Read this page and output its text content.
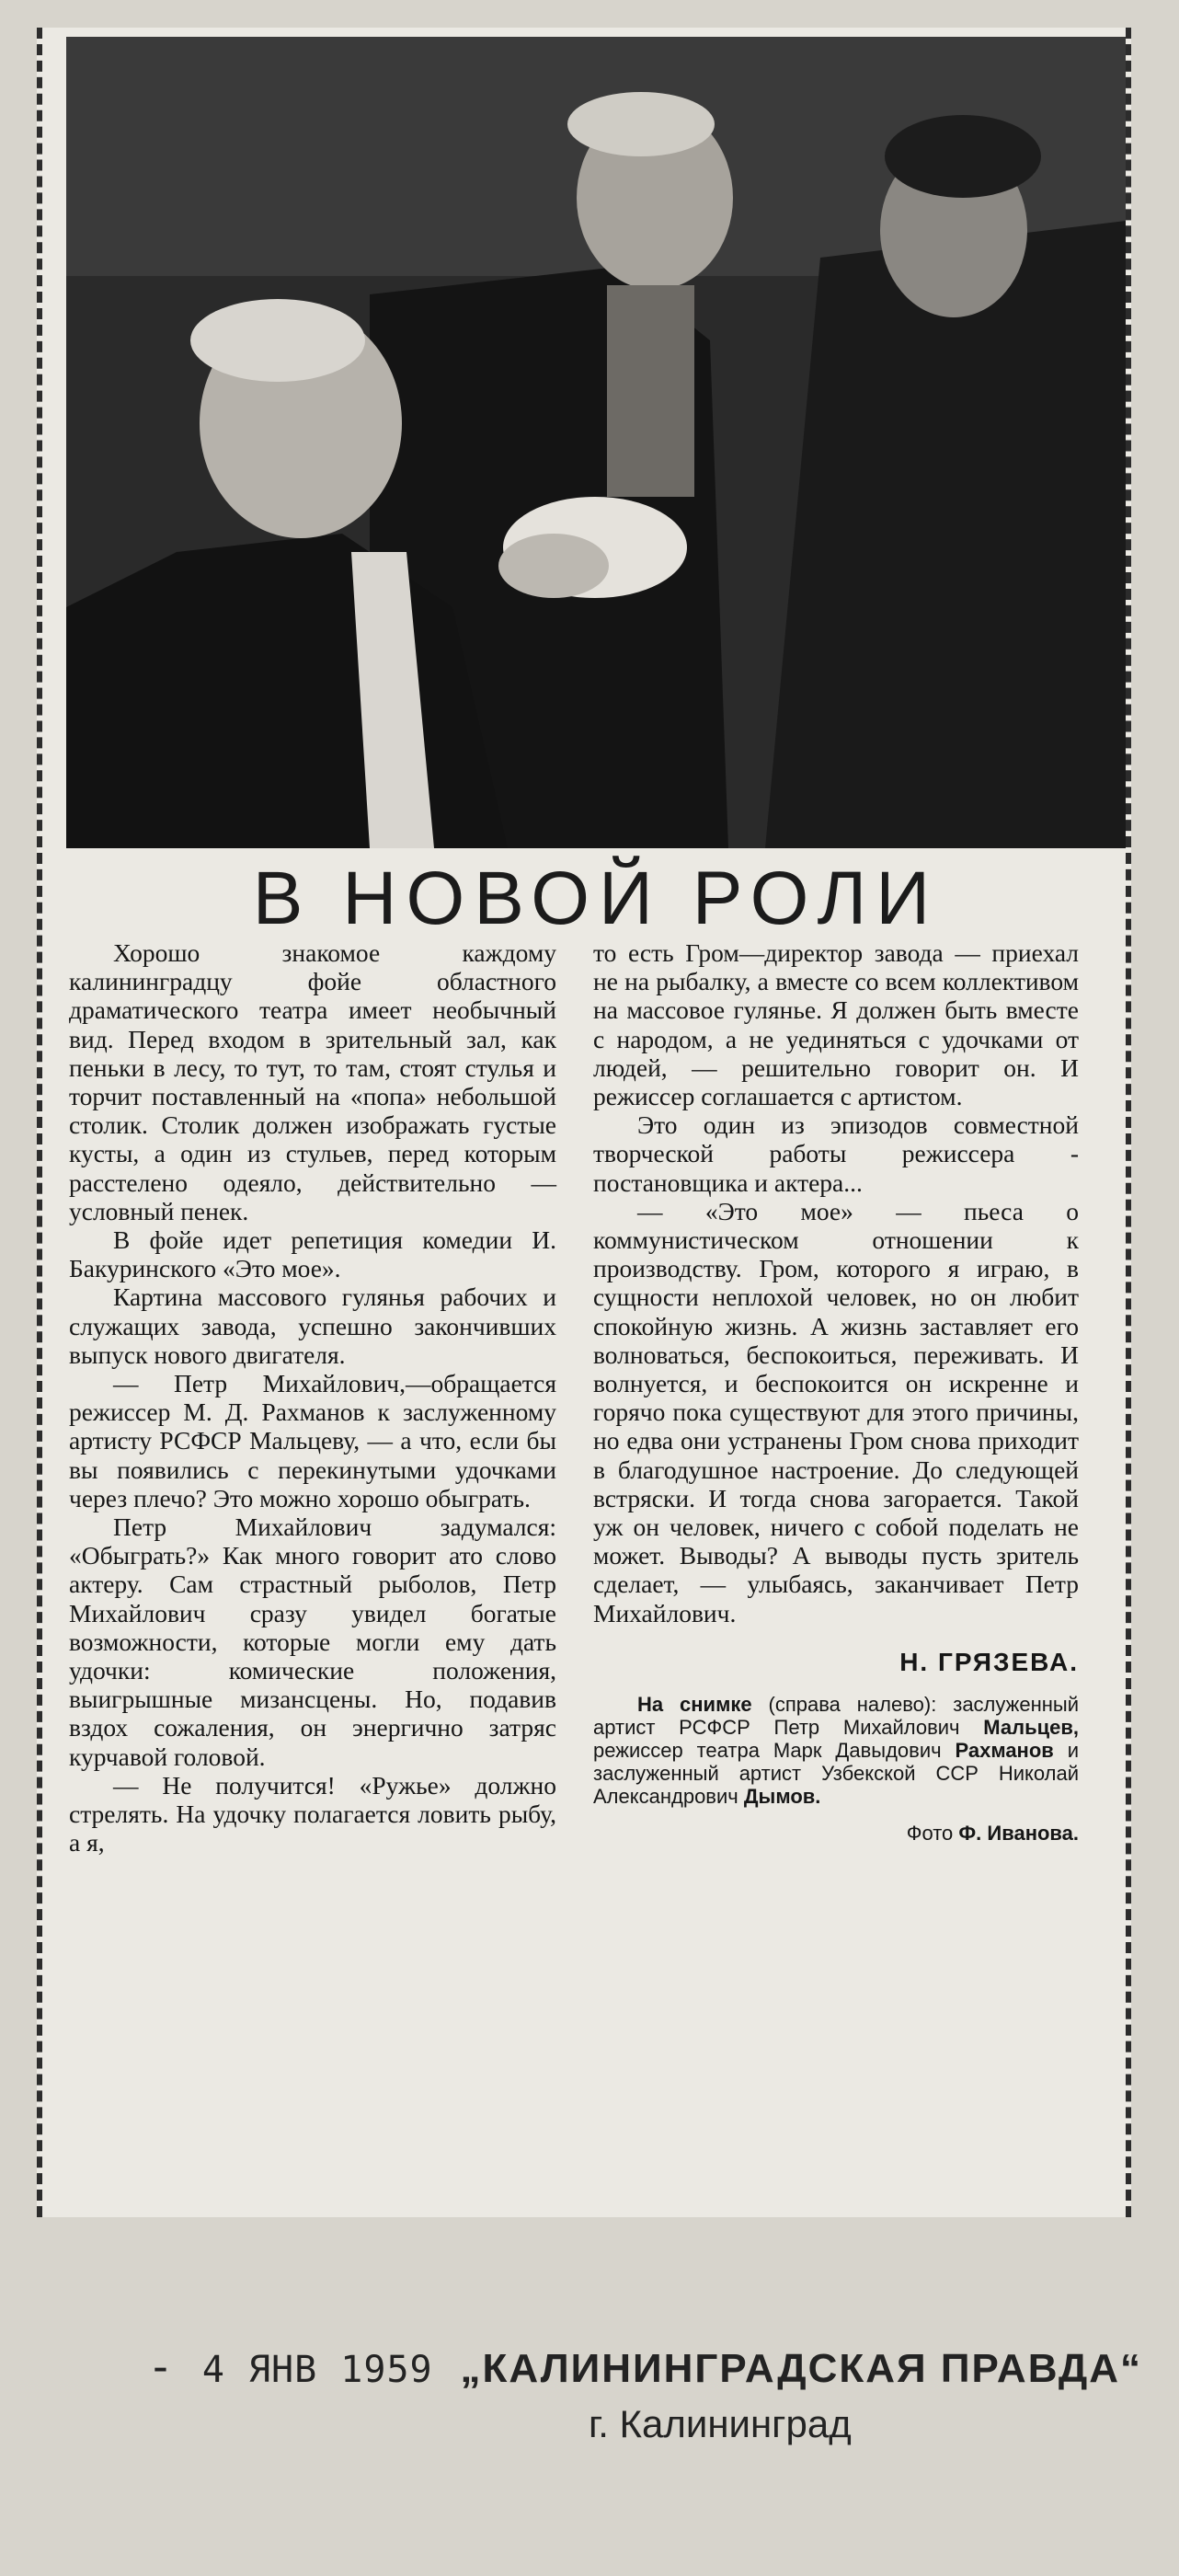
В НОВОЙ РОЛИ

Хорошо знакомое каждому калининградцу фойе областного драматического театра имеет необычный вид. Перед входом в зрительный зал, как пеньки в лесу, то тут, то там, стоят стулья и торчит поставленный на «попа» небольшой столик. Столик должен изображать густые кусты, а один из стульев, перед которым расстелено одеяло, действительно — условный пенек.

В фойе идет репетиция комедии И. Бакуринского «Это мое».

Картина массового гулянья рабочих и служащих завода, успешно закончивших выпуск нового двигателя.

— Петр Михайлович,—обращается режиссер М. Д. Рахманов к заслуженному артисту РСФСР Мальцеву, — а что, если бы вы появились с перекинутыми удочками через плечо? Это можно хорошо обыграть.

Петр Михайлович задумался: «Обыграть?» Как много говорит ато слово актеру. Сам страстный рыболов, Петр Михайлович сразу увидел богатые возможности, которые могли ему дать удочки: комические положения, выигрышные мизансцены. Но, подавив вздох сожаления, он энергично затряс курчавой головой.

— Не получится! «Ружье» должно стрелять. На удочку полагается ловить рыбу, а я,

то есть Гром—директор завода — приехал не на рыбалку, а вместе со всем коллективом на массовое гулянье. Я должен быть вместе с народом, а не уединяться с удочками от людей, — решительно говорит он. И режиссер соглашается с артистом.

Это один из эпизодов совместной творческой работы режиссера - постановщика и актера...

— «Это мое» — пьеса о коммунистическом отношении к производству. Гром, которого я играю, в сущности неплохой человек, но он любит спокойную жизнь. А жизнь заставляет его волноваться, беспокоиться, переживать. И волнуется, и беспокоится он искренне и горячо пока существуют для этого причины, но едва они устранены Гром снова приходит в благодушное настроение. До следующей встряски. И тогда снова загорается. Такой уж он человек, ничего с собой поделать не может. Выводы? А выводы пусть зритель сделает, — улыбаясь, заканчивает Петр Михайлович.

Н. ГРЯЗЕВА.

На снимке (справа налево): заслуженный артист РСФСР Петр Михайлович Мальцев, режиссер театра Марк Давыдович Рахманов и заслуженный артист Узбекской ССР Николай Александрович Дымов.

Фото Ф. Иванова.
- 4 ЯНВ 1959 „КАЛИНИНГРАДСКАЯ ПРАВДА“
г. Калининград
